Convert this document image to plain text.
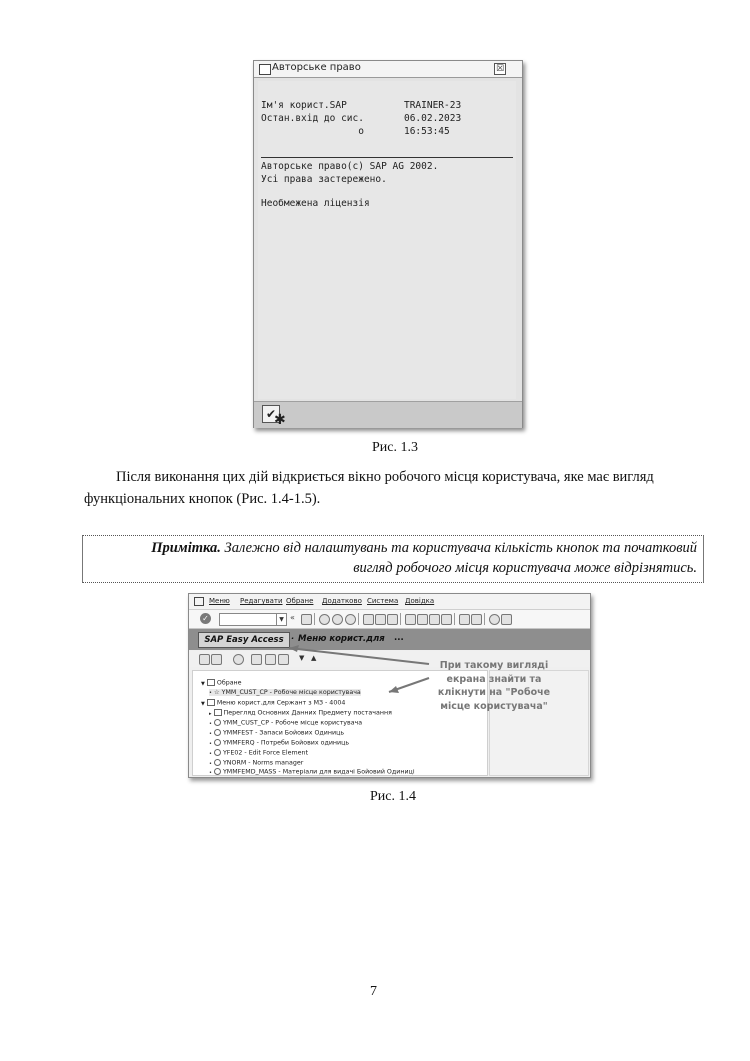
Авторське право	☒
Ім'я корист.SAP          TRAINER-23
Остан.вхід до сис.       06.02.2023
о       16:53:45
Авторське право(с) SAP AG 2002.
Усі права застережено.
Необмежена ліцензія
✔
✱
Рис. 1.3
Після виконання цих дій відкриється вікно робочого місця користувача, яке має вигляд
функціональних кнопок (Рис. 1.4-1.5).
Примітка. Залежно від налаштувань та користувача кількість кнопок та початковий
вигляд робочого місця користувача може відрізнятись.
Меню Редагувати Обране Додатково Система Довідка
✓	▼ «
SAP Easy Access · Меню корист.для ...
▼ ▲
▼ Обране
• ☆ YMM_CUST_CP - Робоче місце користувача
▼ Меню корист.для Сержант з МЗ - 4004
▸ Перегляд Основних Данних Предмету постачання
• YMM_CUST_CP - Робоче місце користувача
• YMMFEST - Запаси Бойових Одиниць
• YMMFERQ - Потреби Бойових одиниць
• YFE02 - Edit Force Element
• YNORM - Norms manager
• YMMFEMD_MASS - Матеріали для видачі Бойовий Одиниці
При такому вигляді
екрана знайти та
клікнути на "Робоче
місце користувача"
Рис. 1.4
7
